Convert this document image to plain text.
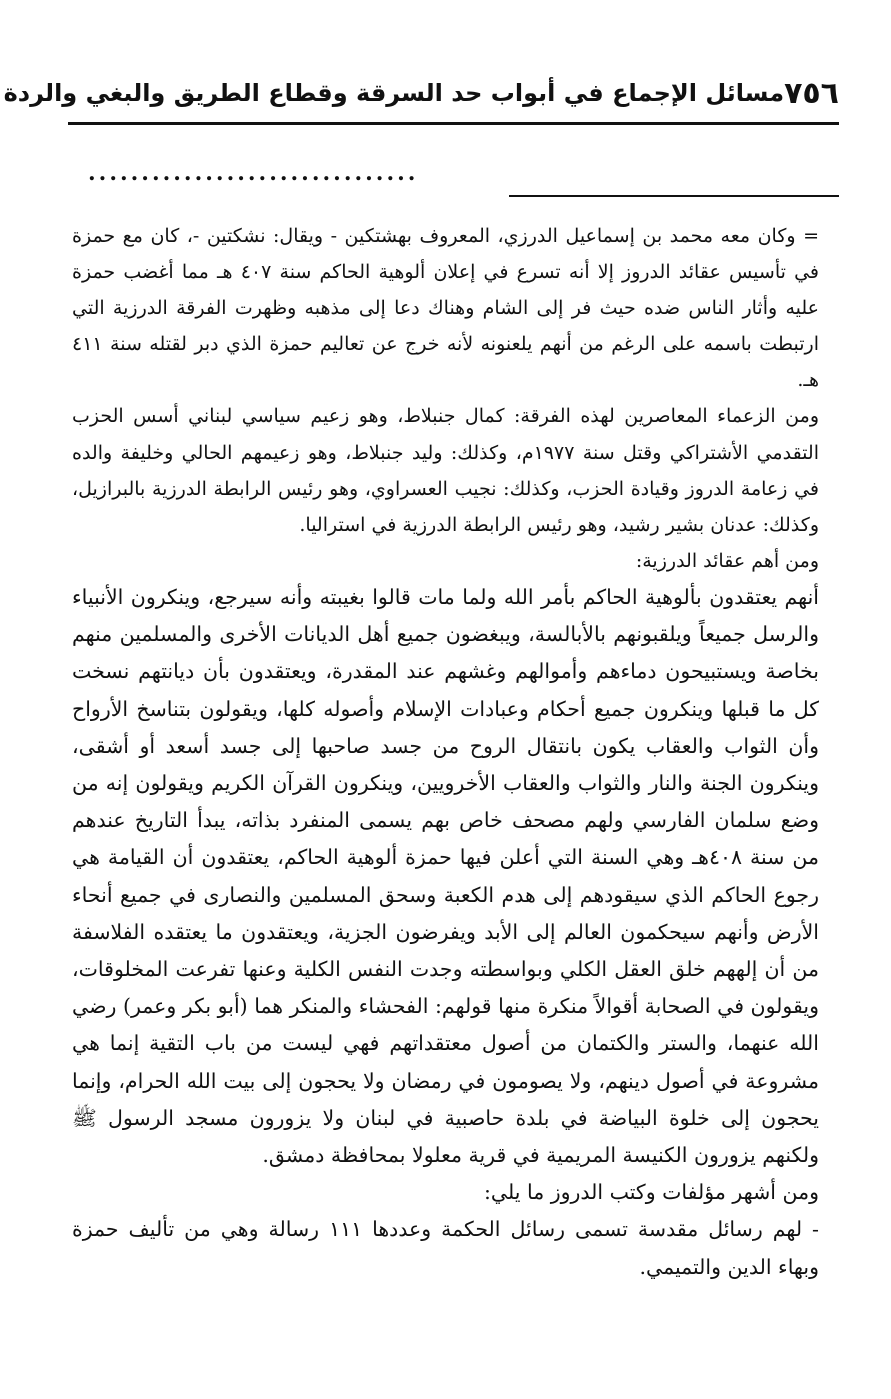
٧٥٦
مسائل الإجماع في أبواب حد السرقة وقطاع الطريق والبغي والردة
...............................

= وكان معه محمد بن إسماعيل الدرزي، المعروف بهشتكين - ويقال: نشكتين -، كان مع حمزة في تأسيس عقائد الدروز إلا أنه تسرع في إعلان ألوهية الحاكم سنة ٤٠٧ هـ مما أغضب حمزة عليه وأثار الناس ضده حيث فر إلى الشام وهناك دعا إلى مذهبه وظهرت الفرقة الدرزية التي ارتبطت باسمه على الرغم من أنهم يلعنونه لأنه خرج عن تعاليم حمزة الذي دبر لقتله سنة ٤١١ هـ.

ومن الزعماء المعاصرين لهذه الفرقة: كمال جنبلاط، وهو زعيم سياسي لبناني أسس الحزب التقدمي الأشتراكي وقتل سنة ١٩٧٧م، وكذلك: وليد جنبلاط، وهو زعيمهم الحالي وخليفة والده في زعامة الدروز وقيادة الحزب، وكذلك: نجيب العسراوي، وهو رئيس الرابطة الدرزية بالبرازيل، وكذلك: عدنان بشير رشيد، وهو رئيس الرابطة الدرزية في استراليا.

ومن أهم عقائد الدرزية:

أنهم يعتقدون بألوهية الحاكم بأمر الله ولما مات قالوا بغيبته وأنه سيرجع، وينكرون الأنبياء والرسل جميعاً ويلقبونهم بالأبالسة، ويبغضون جميع أهل الديانات الأخرى والمسلمين منهم بخاصة ويستبيحون دماءهم وأموالهم وغشهم عند المقدرة، ويعتقدون بأن ديانتهم نسخت كل ما قبلها وينكرون جميع أحكام وعبادات الإسلام وأصوله كلها، ويقولون بتناسخ الأرواح وأن الثواب والعقاب يكون بانتقال الروح من جسد صاحبها إلى جسد أسعد أو أشقى، وينكرون الجنة والنار والثواب والعقاب الأخرويين، وينكرون القرآن الكريم ويقولون إنه من وضع سلمان الفارسي ولهم مصحف خاص بهم يسمى المنفرد بذاته، يبدأ التاريخ عندهم من سنة ٤٠٨هـ وهي السنة التي أعلن فيها حمزة ألوهية الحاكم، يعتقدون أن القيامة هي رجوع الحاكم الذي سيقودهم إلى هدم الكعبة وسحق المسلمين والنصارى في جميع أنحاء الأرض وأنهم سيحكمون العالم إلى الأبد ويفرضون الجزية، ويعتقدون ما يعتقده الفلاسفة من أن إلههم خلق العقل الكلي وبواسطته وجدت النفس الكلية وعنها تفرعت المخلوقات، ويقولون في الصحابة أقوالاً منكرة منها قولهم: الفحشاء والمنكر هما (أبو بكر وعمر) رضي الله عنهما، والستر والكتمان من أصول معتقداتهم فهي ليست من باب التقية إنما هي مشروعة في أصول دينهم، ولا يصومون في رمضان ولا يحجون إلى بيت الله الحرام، وإنما يحجون إلى خلوة البياضة في بلدة حاصبية في لبنان ولا يزورون مسجد الرسول ﷺ ولكنهم يزورون الكنيسة المريمية في قرية معلولا بمحافظة دمشق.

ومن أشهر مؤلفات وكتب الدروز ما يلي:

- لهم رسائل مقدسة تسمى رسائل الحكمة وعددها ١١١ رسالة وهي من تأليف حمزة وبهاء الدين والتميمي.
